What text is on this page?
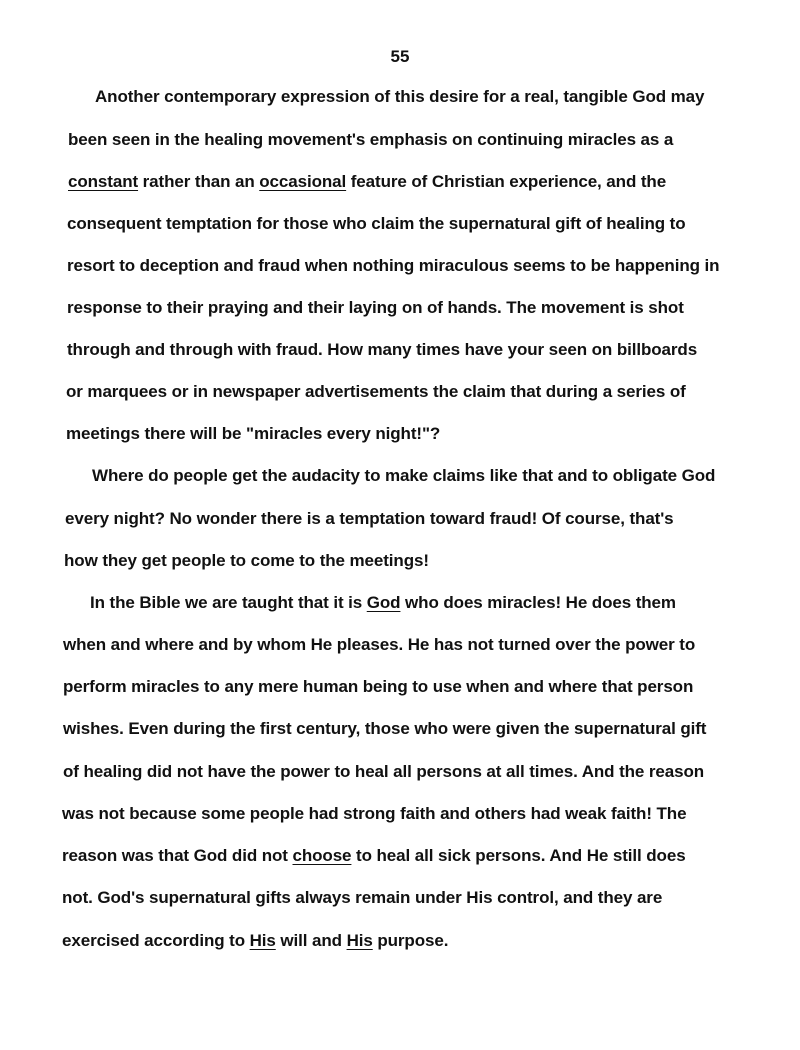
55
Another contemporary expression of this desire for a real, tangible God may
been seen in the healing movement's emphasis on continuing miracles as a
constant rather than an occasional feature of Christian experience, and the
consequent temptation for those who claim the supernatural gift of healing to
resort to deception and fraud when nothing miraculous seems to be happening in
response to their praying and their laying on of hands. The movement is shot
through and through with fraud. How many times have your seen on billboards
or marquees or in newspaper advertisements the claim that during a series of
meetings there will be "miracles every night!"?
Where do people get the audacity to make claims like that and to obligate God
every night? No wonder there is a temptation toward fraud! Of course, that's
how they get people to come to the meetings!
In the Bible we are taught that it is God who does miracles! He does them
when and where and by whom He pleases. He has not turned over the power to
perform miracles to any mere human being to use when and where that person
wishes. Even during the first century, those who were given the supernatural gift
of healing did not have the power to heal all persons at all times. And the reason
was not because some people had strong faith and others had weak faith! The
reason was that God did not choose to heal all sick persons. And He still does
not. God's supernatural gifts always remain under His control, and they are
exercised according to His will and His purpose.
